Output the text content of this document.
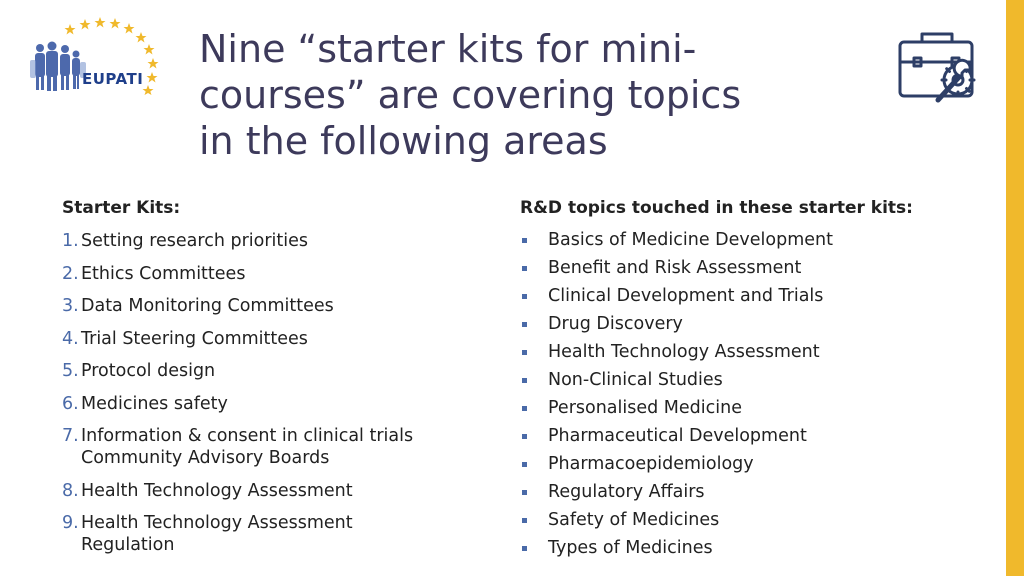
EUPATI
Nine “starter kits for mini-
courses” are covering topics
in the following areas
Starter Kits:
1. Setting research priorities
2. Ethics Committees
3. Data Monitoring Committees
4. Trial Steering Committees
5. Protocol design
6. Medicines safety
7. Information & consent in clinical trials
Community Advisory Boards
8. Health Technology Assessment
9. Health Technology Assessment
Regulation
R&D topics touched in these starter kits:
Basics of Medicine Development
Benefit and Risk Assessment
Clinical Development and Trials
Drug Discovery
Health Technology Assessment
Non-Clinical Studies
Personalised Medicine
Pharmaceutical Development
Pharmacoepidemiology
Regulatory Affairs
Safety of Medicines
Types of Medicines
